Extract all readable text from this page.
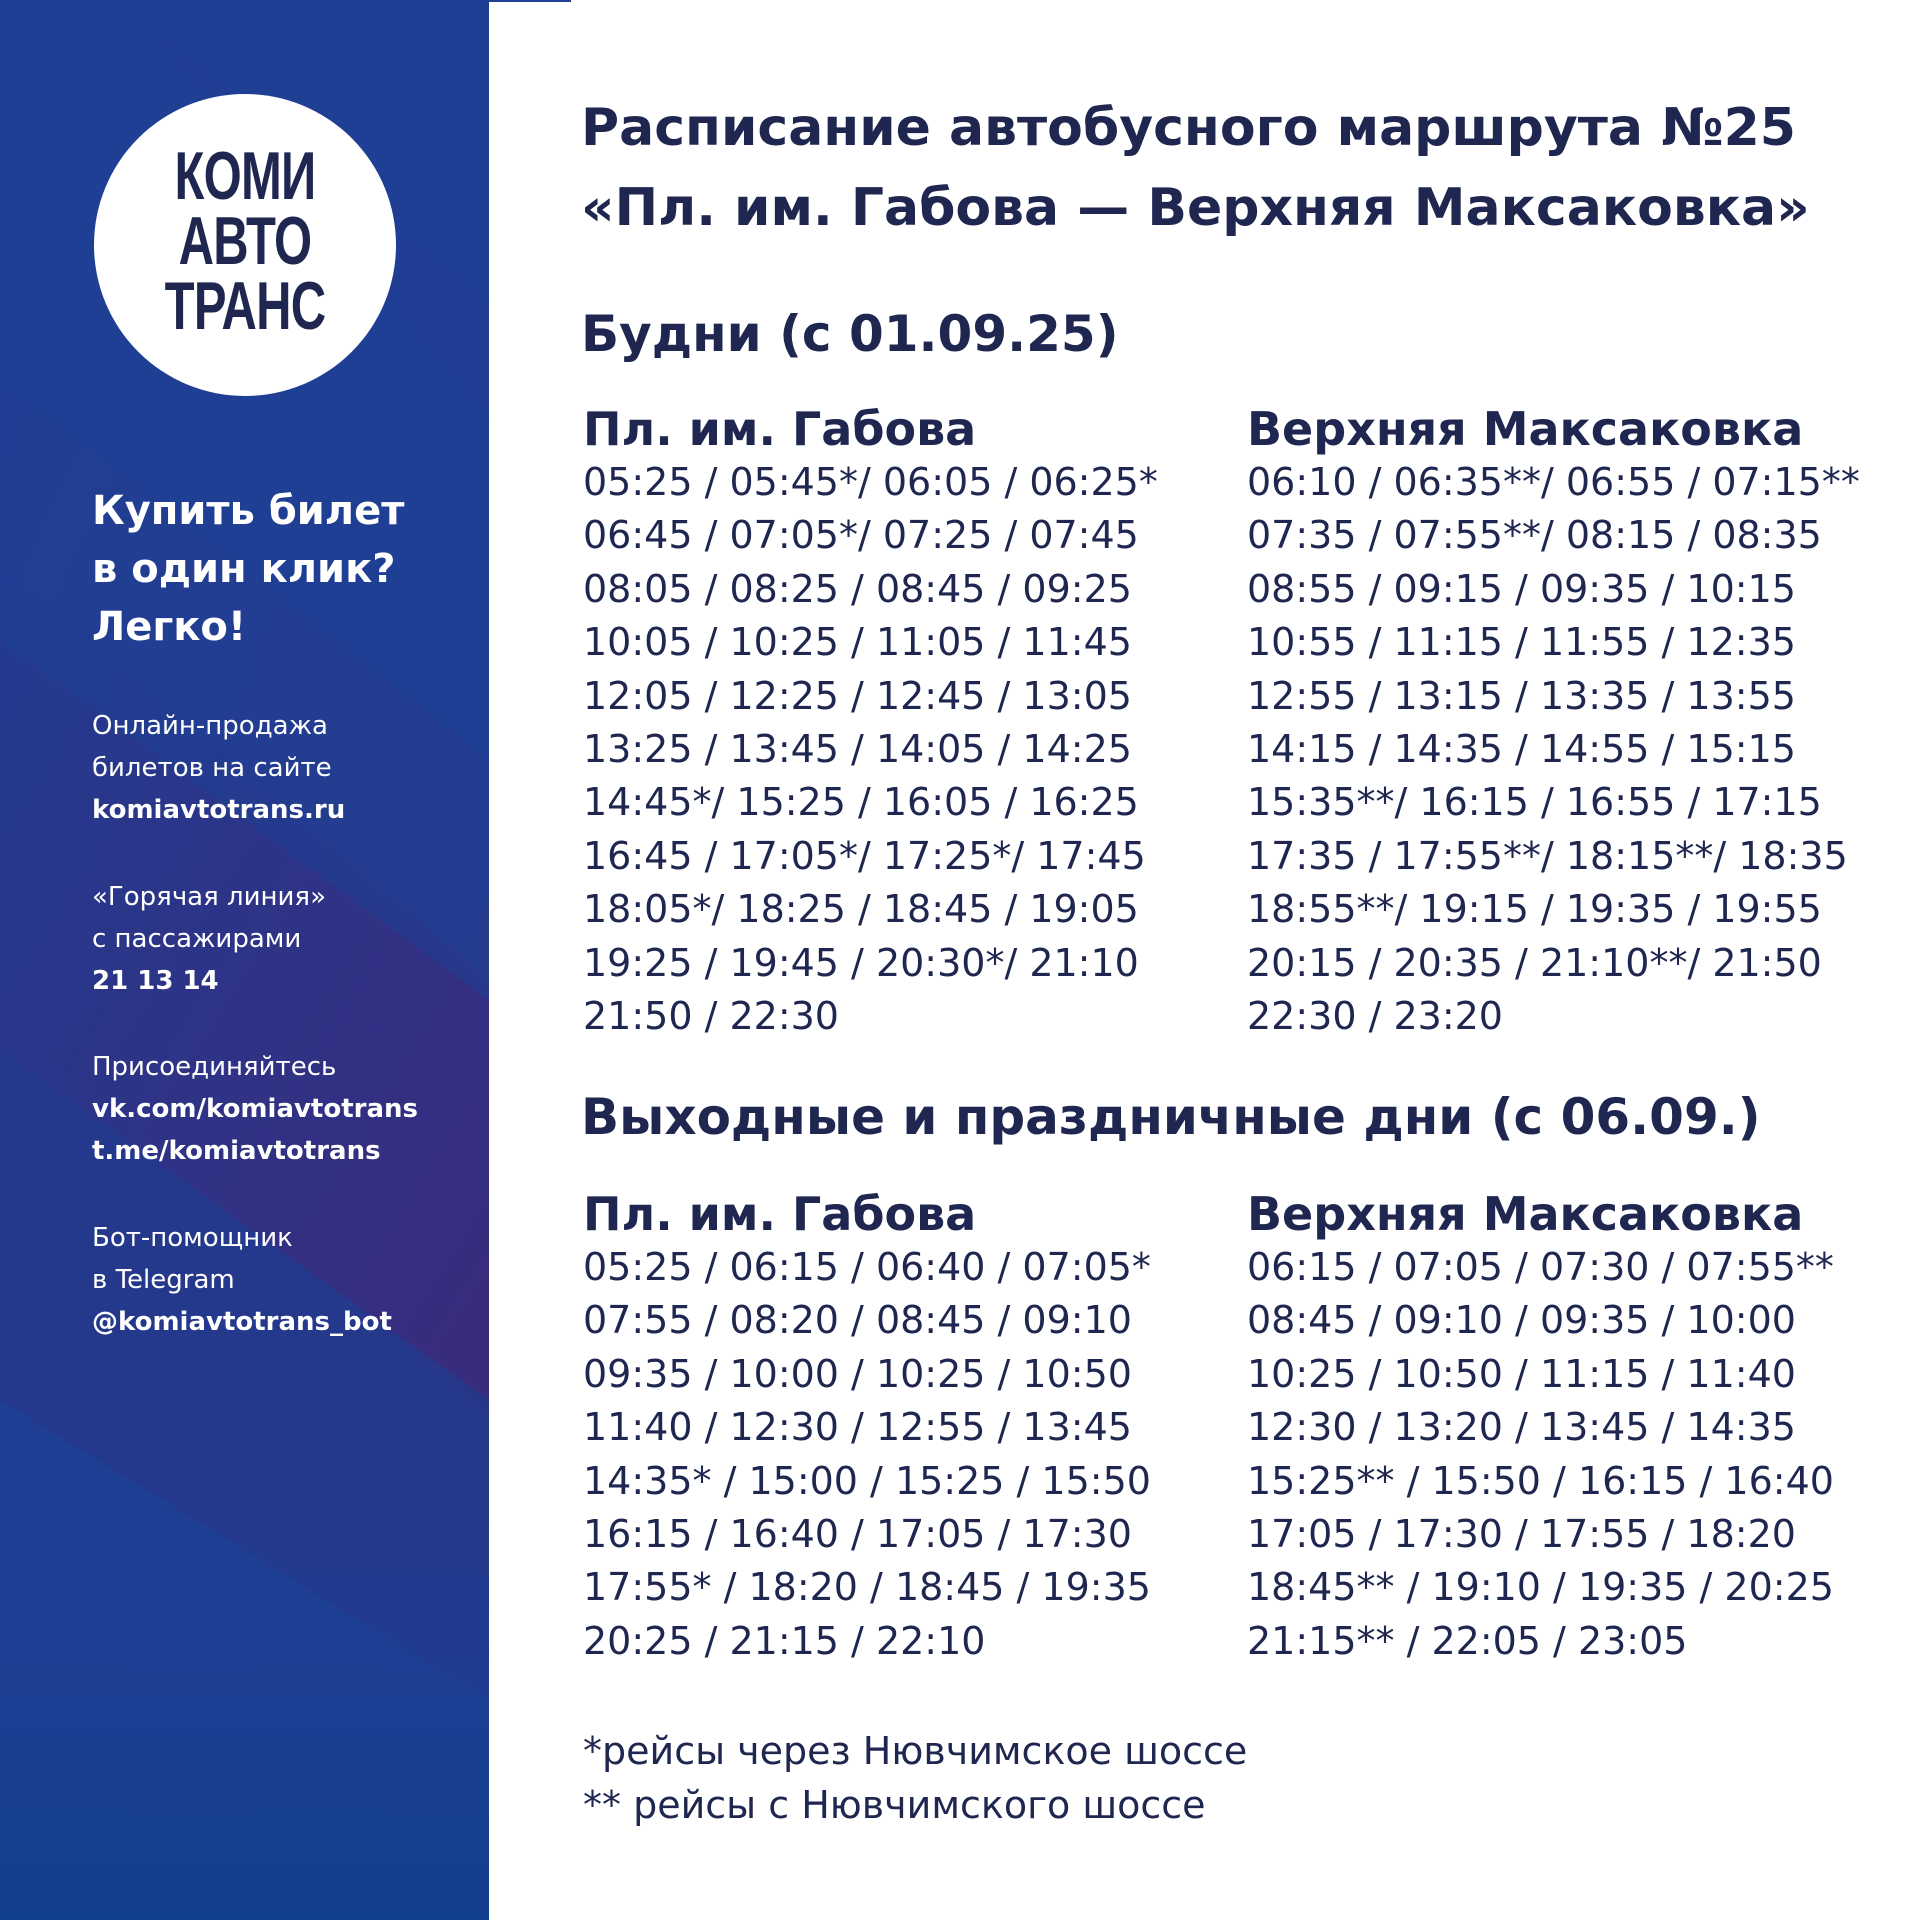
КОМИ
АВТО
ТРАНС
Купить билет
в один клик?
Легко!
Онлайн-продажа
билетов на сайте
komiavtotrans.ru
«Горячая линия»
с пассажирами
21 13 14
Присоединяйтесь
vk.com/komiavtotrans
t.me/komiavtotrans
Бот-помощник
в Telegram
@komiavtotrans_bot
Расписание автобусного маршрута №25
«Пл. им. Габова — Верхняя Максаковка»
Будни (с 01.09.25)
Пл. им. Габова
05:25 / 05:45*/ 06:05 / 06:25*
06:45 / 07:05*/ 07:25 / 07:45
08:05 / 08:25 / 08:45 / 09:25
10:05 / 10:25 / 11:05 / 11:45
12:05 / 12:25 / 12:45 / 13:05
13:25 / 13:45 / 14:05 / 14:25
14:45*/ 15:25 / 16:05 / 16:25
16:45 / 17:05*/ 17:25*/ 17:45
18:05*/ 18:25 / 18:45 / 19:05
19:25 / 19:45 / 20:30*/ 21:10
21:50 / 22:30
Верхняя Максаковка
06:10 / 06:35**/ 06:55 / 07:15**
07:35 / 07:55**/ 08:15 / 08:35
08:55 / 09:15 / 09:35 / 10:15
10:55 / 11:15 / 11:55 / 12:35
12:55 / 13:15 / 13:35 / 13:55
14:15 / 14:35 / 14:55 / 15:15
15:35**/ 16:15 / 16:55 / 17:15
17:35 / 17:55**/ 18:15**/ 18:35
18:55**/ 19:15 / 19:35 / 19:55
20:15 / 20:35 / 21:10**/ 21:50
22:30 / 23:20
Выходные и праздничные дни (с 06.09.)
Пл. им. Габова
05:25 / 06:15 / 06:40 / 07:05*
07:55 / 08:20 / 08:45 / 09:10
09:35 / 10:00 / 10:25 / 10:50
11:40 / 12:30 / 12:55 / 13:45
14:35* / 15:00 / 15:25 / 15:50
16:15 / 16:40 / 17:05 / 17:30
17:55* / 18:20 / 18:45 / 19:35
20:25 / 21:15 / 22:10
Верхняя Максаковка
06:15 / 07:05 / 07:30 / 07:55**
08:45 / 09:10 / 09:35 / 10:00
10:25 / 10:50 / 11:15 / 11:40
12:30 / 13:20 / 13:45 / 14:35
15:25** / 15:50 / 16:15 / 16:40
17:05 / 17:30 / 17:55 / 18:20
18:45** / 19:10 / 19:35 / 20:25
21:15** / 22:05 / 23:05
*рейсы через Нювчимское шоссе
** рейсы с Нювчимского шоссе
